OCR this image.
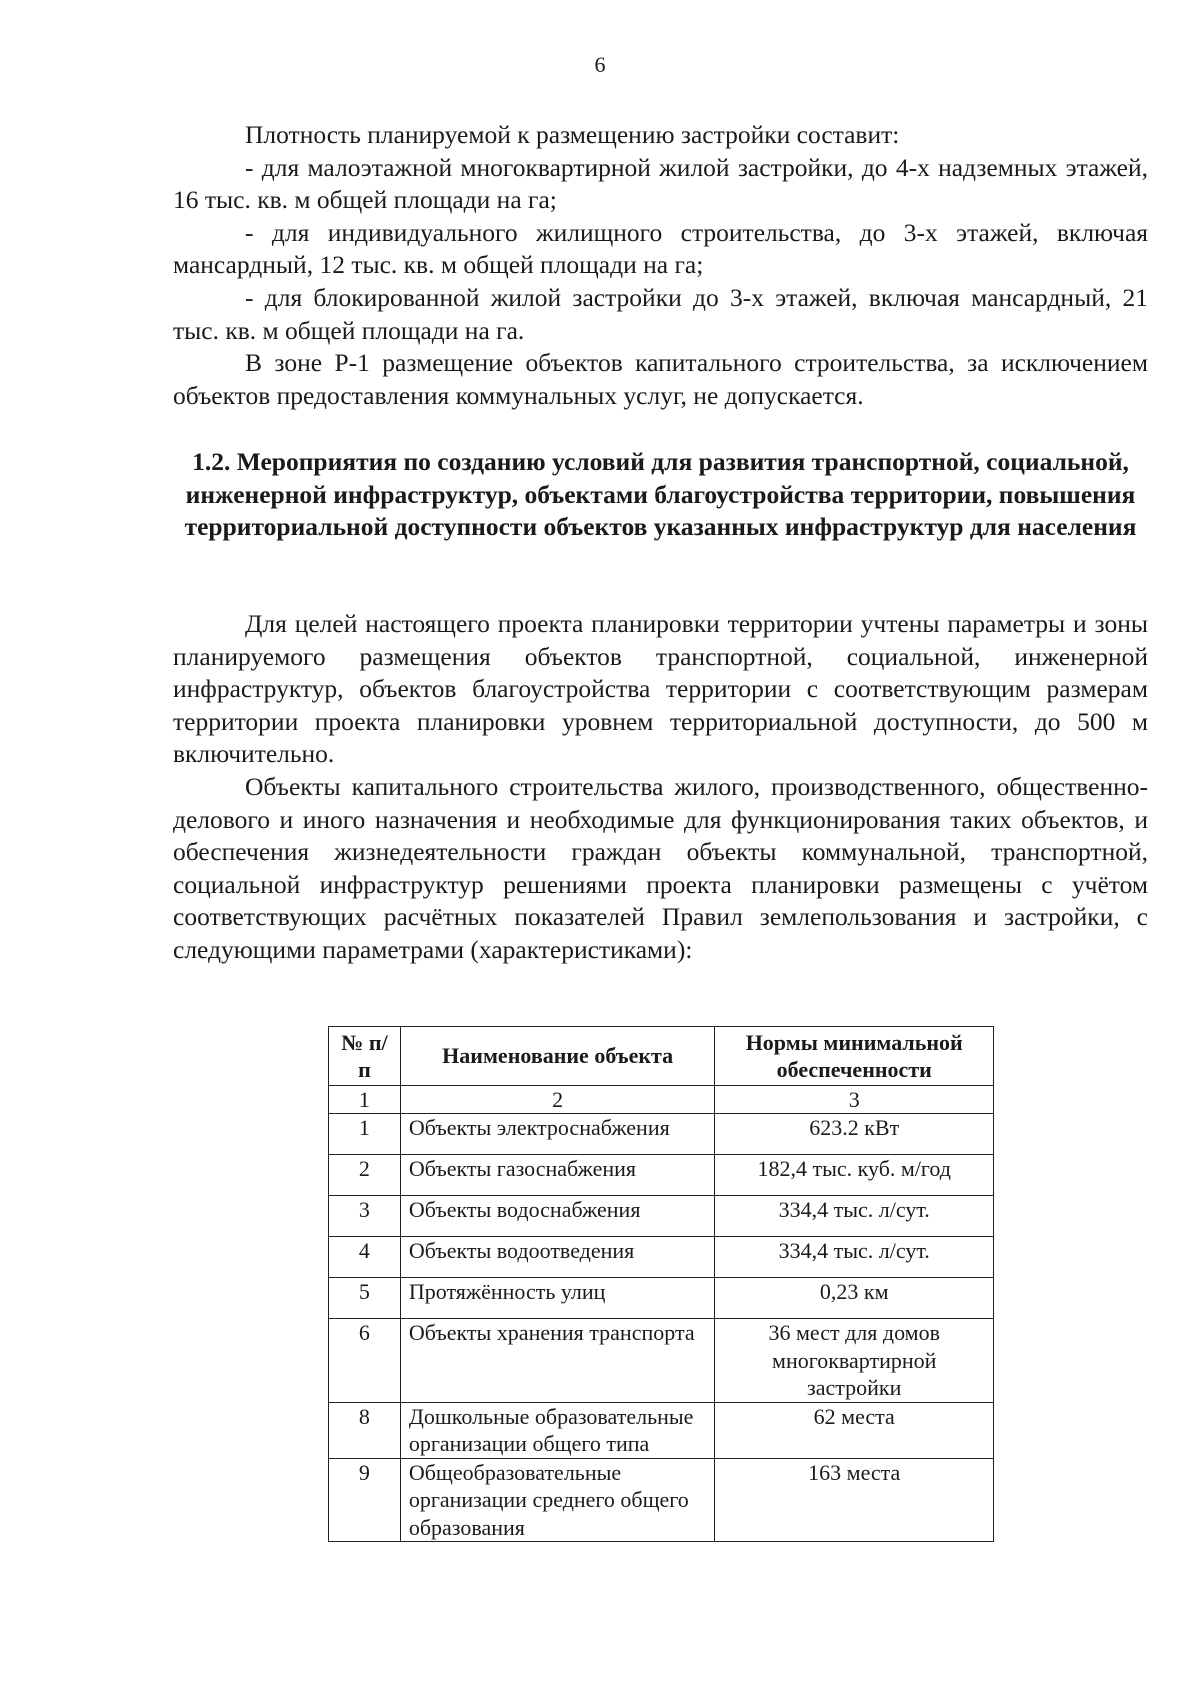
6

Плотность планируемой к размещению застройки составит:

- для малоэтажной многоквартирной жилой застройки, до 4-х надземных этажей, 16 тыс. кв. м общей площади на га;

- для индивидуального жилищного строительства, до 3-х этажей, включая мансардный, 12 тыс. кв. м общей площади на га;

- для блокированной жилой застройки до 3-х этажей, включая мансардный, 21 тыс. кв. м общей площади на га.

В зоне Р-1 размещение объектов капитального строительства, за исключением объектов предоставления коммунальных услуг, не допускается.

1.2. Мероприятия по созданию условий для развития транспортной, социальной, инженерной инфраструктур, объектами благоустройства территории, повышения территориальной доступности объектов указанных инфраструктур для населения

Для целей настоящего проекта планировки территории учтены параметры и зоны планируемого размещения объектов транспортной, социальной, инженерной инфраструктур, объектов благоустройства территории с соответствующим размерам территории проекта планировки уровнем территориальной доступности, до 500 м включительно.

Объекты капитального строительства жилого, производственного, общественно-делового и иного назначения и необходимые для функционирования таких объектов, и обеспечения жизнедеятельности граждан объекты коммунальной, транспортной, социальной инфраструктур решениями проекта планировки размещены с учётом соответствующих расчётных показателей Правил землепользования и застройки, с следующими параметрами (характеристиками):

№ п/п	Наименование объекта	Нормы минимальной обеспеченности
1	2	3
1	Объекты электроснабжения	623.2 кВт
2	Объекты газоснабжения	182,4 тыс. куб. м/год
3	Объекты водоснабжения	334,4 тыс. л/сут.
4	Объекты водоотведения	334,4 тыс. л/сут.
5	Протяжённость улиц	0,23 км
6	Объекты хранения транспорта	36 мест для домов многоквартирной застройки
8	Дошкольные образовательные организации общего типа	62 места
9	Общеобразовательные организации среднего общего образования	163 места
